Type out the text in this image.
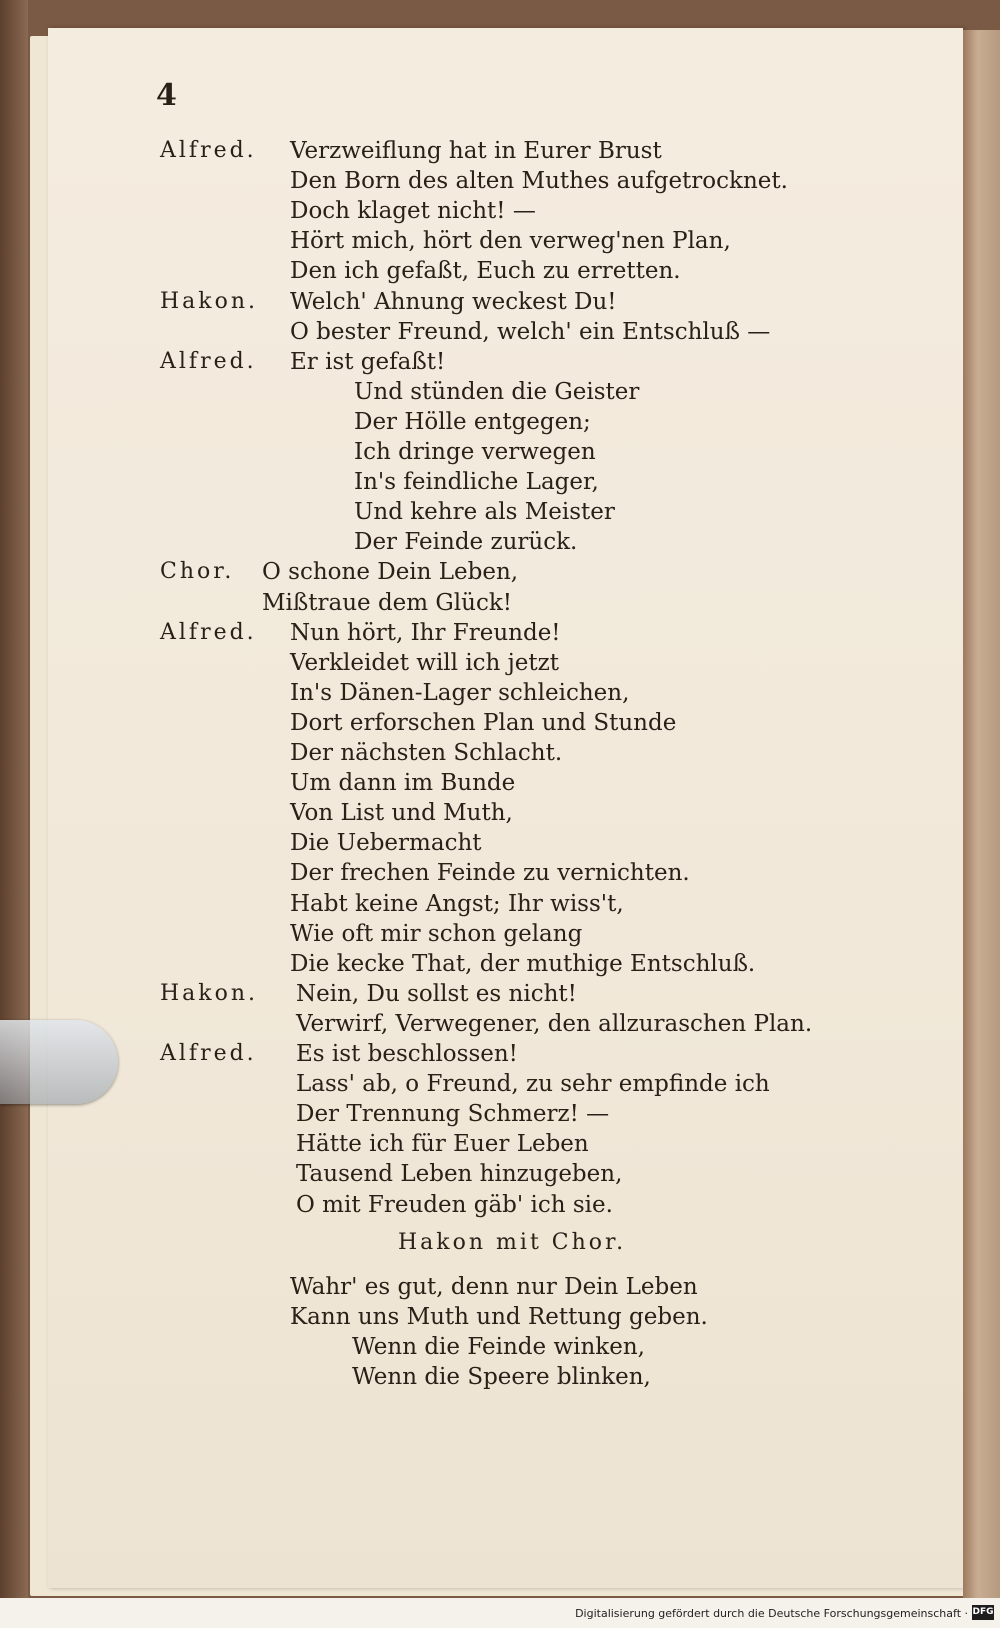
4
Alfred. Verzweiflung hat in Eurer Brust
Den Born des alten Muthes aufgetrocknet.
Doch klaget nicht! —
Hört mich, hört den verweg'nen Plan,
Den ich gefaßt, Euch zu erretten.
Hakon. Welch' Ahnung weckest Du!
O bester Freund, welch' ein Entschluß —
Alfred. Er ist gefaßt!
Und stünden die Geister
Der Hölle entgegen;
Ich dringe verwegen
In's feindliche Lager,
Und kehre als Meister
Der Feinde zurück.
Chor. O schone Dein Leben,
Mißtraue dem Glück!
Alfred. Nun hört, Ihr Freunde!
Verkleidet will ich jetzt
In's Dänen-Lager schleichen,
Dort erforschen Plan und Stunde
Der nächsten Schlacht.
Um dann im Bunde
Von List und Muth,
Die Uebermacht
Der frechen Feinde zu vernichten.
Habt keine Angst; Ihr wiss't,
Wie oft mir schon gelang
Die kecke That, der muthige Entschluß.
Hakon. Nein, Du sollst es nicht!
Verwirf, Verwegener, den allzuraschen Plan.
Alfred. Es ist beschlossen!
Lass' ab, o Freund, zu sehr empfinde ich
Der Trennung Schmerz! —
Hätte ich für Euer Leben
Tausend Leben hinzugeben,
O mit Freuden gäb' ich sie.
Hakon mit Chor.
Wahr' es gut, denn nur Dein Leben
Kann uns Muth und Rettung geben.
Wenn die Feinde winken,
Wenn die Speere blinken,
Digitalisierung gefördert durch die Deutsche Forschungsgemeinschaft · DFG
